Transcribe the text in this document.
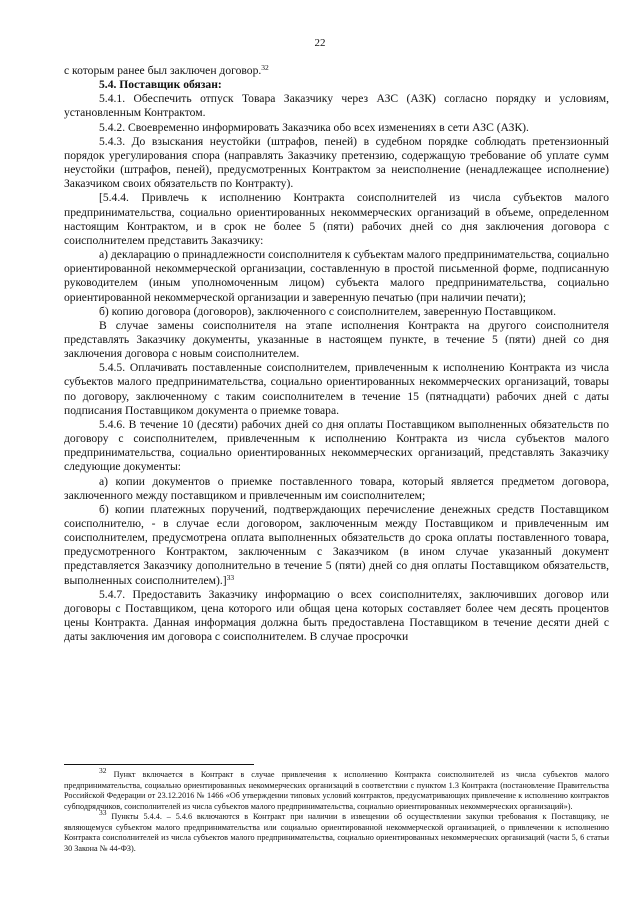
22

с которым ранее был заключен договор.$^{32}$

5.4. Поставщик обязан:

5.4.1. Обеспечить отпуск Товара Заказчику через АЗС (АЗК) согласно порядку и условиям, установленным Контрактом.

5.4.2. Своевременно информировать Заказчика обо всех изменениях в сети АЗС (АЗК).

5.4.3. До взыскания неустойки (штрафов, пеней) в судебном порядке соблюдать претензионный порядок урегулирования спора (направлять Заказчику претензию, содержащую требование об уплате сумм неустойки (штрафов, пеней), предусмотренных Контрактом за неисполнение (ненадлежащее исполнение) Заказчиком своих обязательств по Контракту).

[5.4.4. Привлечь к исполнению Контракта соисполнителей из числа субъектов малого предпринимательства, социально ориентированных некоммерческих организаций в объеме, определенном настоящим Контрактом, и в срок не более 5 (пяти) рабочих дней со дня заключения договора с соисполнителем представить Заказчику:

а) декларацию о принадлежности соисполнителя к субъектам малого предпринимательства, социально ориентированной некоммерческой организации, составленную в простой письменной форме, подписанную руководителем (иным уполномоченным лицом) субъекта малого предпринимательства, социально ориентированной некоммерческой организации и заверенную печатью (при наличии печати);

б) копию договора (договоров), заключенного с соисполнителем, заверенную Поставщиком.

В случае замены соисполнителя на этапе исполнения Контракта на другого соисполнителя представлять Заказчику документы, указанные в настоящем пункте, в течение 5 (пяти) дней со дня заключения договора с новым соисполнителем.

5.4.5. Оплачивать поставленные соисполнителем, привлеченным к исполнению Контракта из числа субъектов малого предпринимательства, социально ориентированных некоммерческих организаций, товары по договору, заключенному с таким соисполнителем в течение 15 (пятнадцати) рабочих дней с даты подписания Поставщиком документа о приемке товара.

5.4.6. В течение 10 (десяти) рабочих дней со дня оплаты Поставщиком выполненных обязательств по договору с соисполнителем, привлеченным к исполнению Контракта из числа субъектов малого предпринимательства, социально ориентированных некоммерческих организаций, представлять Заказчику следующие документы:

а) копии документов о приемке поставленного товара, который является предметом договора, заключенного между поставщиком и привлеченным им соисполнителем;

б) копии платежных поручений, подтверждающих перечисление денежных средств Поставщиком соисполнителю, - в случае если договором, заключенным между Поставщиком и привлеченным им соисполнителем, предусмотрена оплата выполненных обязательств до срока оплаты поставленного товара, предусмотренного Контрактом, заключенным с Заказчиком (в ином случае указанный документ представляется Заказчику дополнительно в течение 5 (пяти) дней со дня оплаты Поставщиком обязательств, выполненных соисполнителем).]$^{33}$

5.4.7. Предоставить Заказчику информацию о всех соисполнителях, заключивших договор или договоры с Поставщиком, цена которого или общая цена которых составляет более чем десять процентов цены Контракта. Данная информация должна быть предоставлена Поставщиком в течение десяти дней с даты заключения им договора с соисполнителем. В случае просрочки

$^{32}$ Пункт включается в Контракт в случае привлечения к исполнению Контракта соисполнителей из числа субъектов малого предпринимательства, социально ориентированных некоммерческих организаций в соответствии с пунктом 1.3 Контракта (постановление Правительства Российской Федерации от 23.12.2016 № 1466 «Об утверждении типовых условий контрактов, предусматривающих привлечение к исполнению контрактов субподрядчиков, соисполнителей из числа субъектов малого предпринимательства, социально ориентированных некоммерческих организаций»).

$^{33}$ Пункты 5.4.4. – 5.4.6 включаются в Контракт при наличии в извещении об осуществлении закупки требования к Поставщику, не являющемуся субъектом малого предпринимательства или социально ориентированной некоммерческой организацией, о привлечении к исполнению Контракта соисполнителей из числа субъектов малого предпринимательства, социально ориентированных некоммерческих организаций (части 5, 6 статьи 30 Закона № 44-ФЗ).
